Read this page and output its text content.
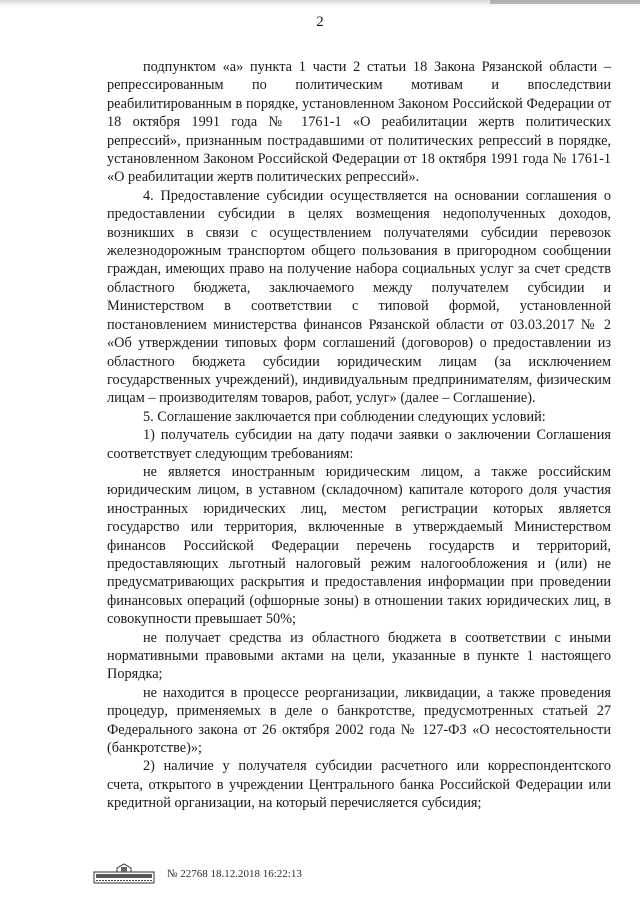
2

подпунктом «а» пункта 1 части 2 статьи 18 Закона Рязанской области – репрессированным по политическим мотивам и впоследствии реабилитированным в порядке, установленном Законом Российской Федерации от 18 октября 1991 года № 1761-1 «О реабилитации жертв политических репрессий», признанным пострадавшими от политических репрессий в порядке, установленном Законом Российской Федерации от 18 октября 1991 года № 1761-1 «О реабилитации жертв политических репрессий».

4. Предоставление субсидии осуществляется на основании соглашения о предоставлении субсидии в целях возмещения недополученных доходов, возникших в связи с осуществлением получателями субсидии перевозок железнодорожным транспортом общего пользования в пригородном сообщении граждан, имеющих право на получение набора социальных услуг за счет средств областного бюджета, заключаемого между получателем субсидии и Министерством в соответствии с типовой формой, установленной постановлением министерства финансов Рязанской области от 03.03.2017 № 2 «Об утверждении типовых форм соглашений (договоров) о предоставлении из областного бюджета субсидии юридическим лицам (за исключением государственных учреждений), индивидуальным предпринимателям, физическим лицам – производителям товаров, работ, услуг» (далее – Соглашение).

5. Соглашение заключается при соблюдении следующих условий:

1) получатель субсидии на дату подачи заявки о заключении Соглашения соответствует следующим требованиям:

не является иностранным юридическим лицом, а также российским юридическим лицом, в уставном (складочном) капитале которого доля участия иностранных юридических лиц, местом регистрации которых является государство или территория, включенные в утверждаемый Министерством финансов Российской Федерации перечень государств и территорий, предоставляющих льготный налоговый режим налогообложения и (или) не предусматривающих раскрытия и предоставления информации при проведении финансовых операций (офшорные зоны) в отношении таких юридических лиц, в совокупности превышает 50%;

не получает средства из областного бюджета в соответствии с иными нормативными правовыми актами на цели, указанные в пункте 1 настоящего Порядка;

не находится в процессе реорганизации, ликвидации, а также проведения процедур, применяемых в деле о банкротстве, предусмотренных статьей 27 Федерального закона от 26 октября 2002 года № 127-ФЗ «О несостоятельности (банкротстве)»;

2) наличие у получателя субсидии расчетного или корреспондентского счета, открытого в учреждении Центрального банка Российской Федерации или кредитной организации, на который перечисляется субсидия;

№ 22768 18.12.2018 16:22:13
